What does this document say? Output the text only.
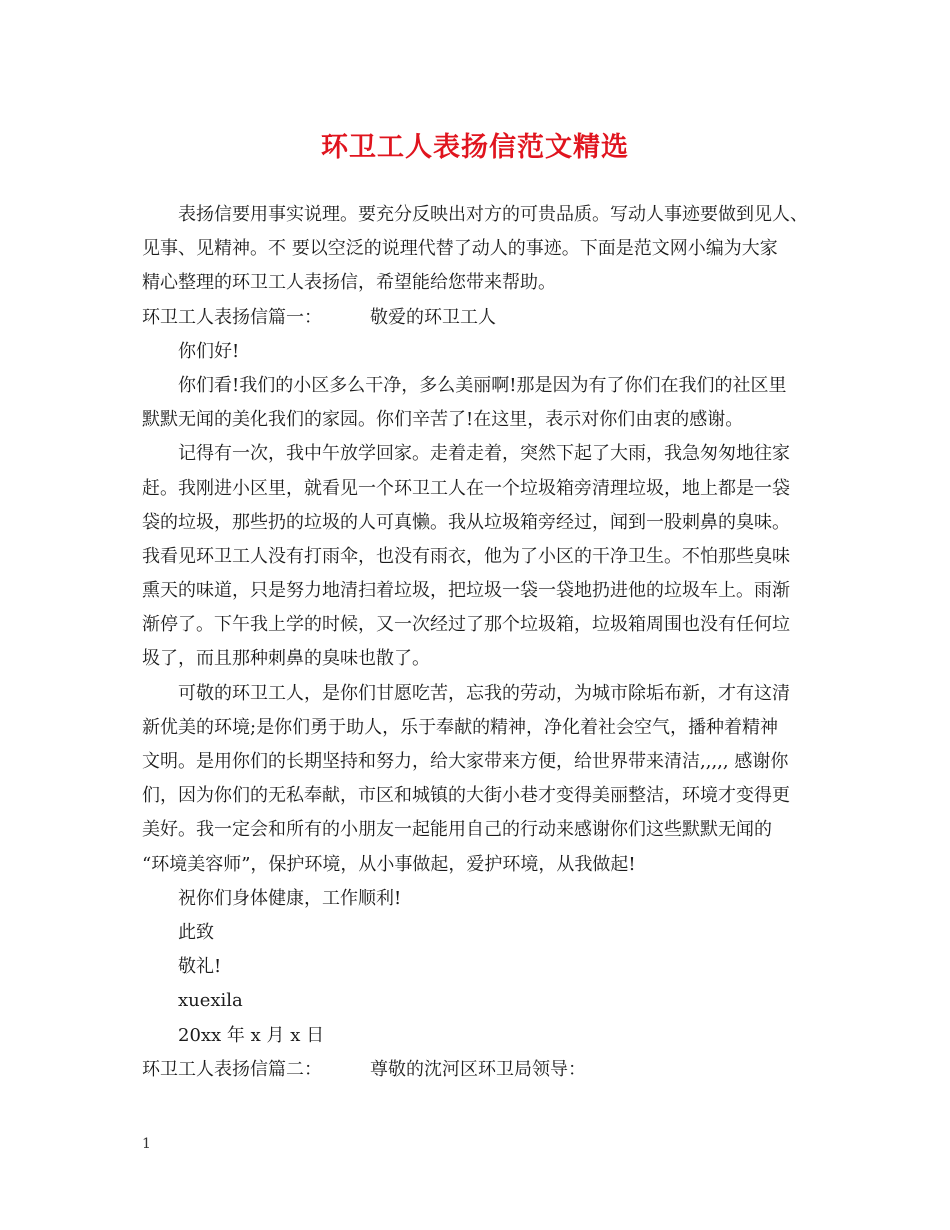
环卫工人表扬信范文精选
表扬信要用事实说理。要充分反映出对方的可贵品质。写动人事迹要做到见人、
见事、见精神。不 要以空泛的说理代替了动人的事迹。下面是范文网小编为大家
精心整理的环卫工人表扬信，希望能给您带来帮助。
环卫工人表扬信篇一：	敬爱的环卫工人
你们好!
你们看!我们的小区多么干净，多么美丽啊!那是因为有了你们在我们的社区里
默默无闻的美化我们的家园。你们辛苦了!在这里，表示对你们由衷的感谢。
记得有一次，我中午放学回家。走着走着，突然下起了大雨，我急匆匆地往家
赶。我刚进小区里，就看见一个环卫工人在一个垃圾箱旁清理垃圾，地上都是一袋
袋的垃圾，那些扔的垃圾的人可真懒。我从垃圾箱旁经过，闻到一股刺鼻的臭味。
我看见环卫工人没有打雨伞，也没有雨衣，他为了小区的干净卫生。不怕那些臭味
熏天的味道，只是努力地清扫着垃圾，把垃圾一袋一袋地扔进他的垃圾车上。雨渐
渐停了。下午我上学的时候，又一次经过了那个垃圾箱，垃圾箱周围也没有任何垃
圾了，而且那种刺鼻的臭味也散了。
可敬的环卫工人，是你们甘愿吃苦，忘我的劳动，为城市除垢布新，才有这清
新优美的环境;是你们勇于助人，乐于奉献的精神，净化着社会空气，播种着精神
文明。是用你们的长期坚持和努力，给大家带来方便，给世界带来清洁,,,,, 感谢你
们，因为你们的无私奉献，市区和城镇的大街小巷才变得美丽整洁，环境才变得更
美好。我一定会和所有的小朋友一起能用自己的行动来感谢你们这些默默无闻的
“环境美容师”，保护环境，从小事做起，爱护环境，从我做起!
祝你们身体健康，工作顺利!
此致
敬礼!
xuexila
20xx 年 x 月 x 日
环卫工人表扬信篇二：	尊敬的沈河区环卫局领导：
1
